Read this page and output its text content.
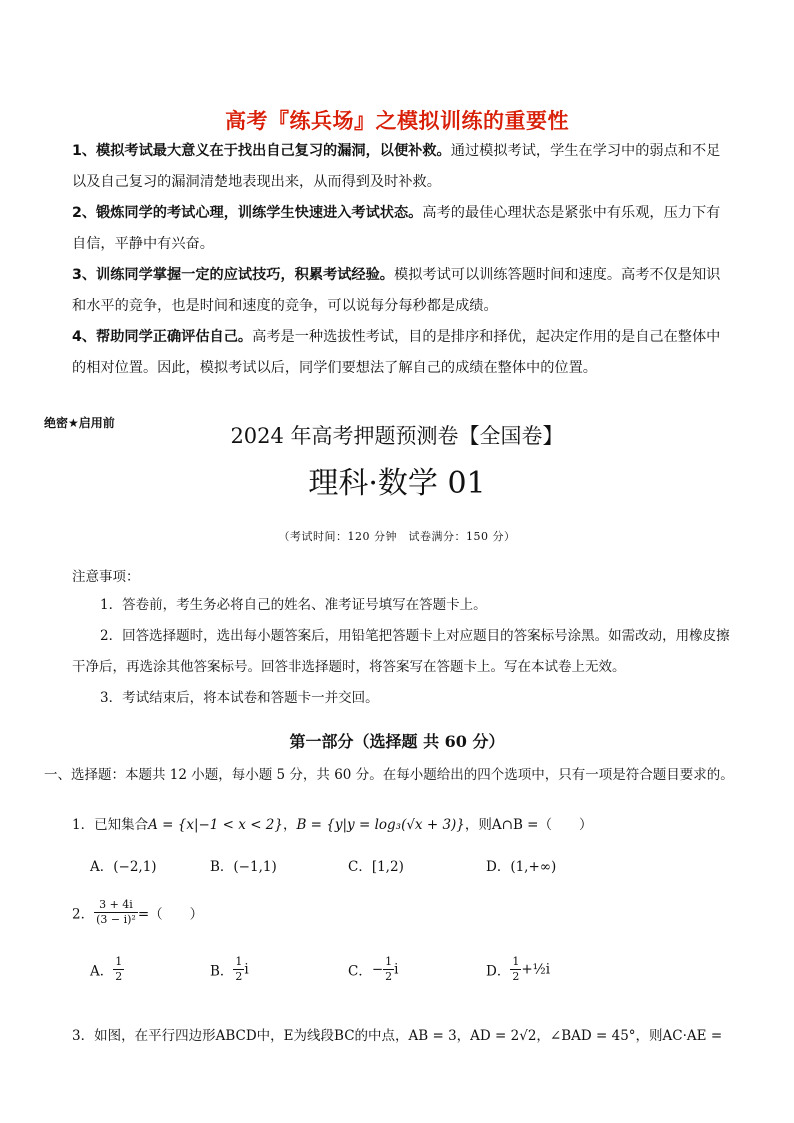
高考『练兵场』之模拟训练的重要性

1、模拟考试最大意义在于找出自己复习的漏洞，以便补救。通过模拟考试，学生在学习中的弱点和不足以及自己复习的漏洞清楚地表现出来，从而得到及时补救。

2、锻炼同学的考试心理，训练学生快速进入考试状态。高考的最佳心理状态是紧张中有乐观，压力下有自信，平静中有兴奋。

3、训练同学掌握一定的应试技巧，积累考试经验。模拟考试可以训练答题时间和速度。高考不仅是知识和水平的竞争，也是时间和速度的竞争，可以说每分每秒都是成绩。

4、帮助同学正确评估自己。高考是一种选拔性考试，目的是排序和择优，起决定作用的是自己在整体中的相对位置。因此，模拟考试以后，同学们要想法了解自己的成绩在整体中的位置。

绝密★启用前
2024 年高考押题预测卷【全国卷】
理科·数学 01
（考试时间：120 分钟　试卷满分：150 分）
注意事项：

1．答卷前，考生务必将自己的姓名、准考证号填写在答题卡上。

2．回答选择题时，选出每小题答案后，用铅笔把答题卡上对应题目的答案标号涂黑。如需改动，用橡皮擦干净后，再选涂其他答案标号。回答非选择题时，将答案写在答题卡上。写在本试卷上无效。

3．考试结束后，将本试卷和答题卡一并交回。

第一部分（选择题 共 60 分）
一、选择题：本题共 12 小题，每小题 5 分，共 60 分。在每小题给出的四个选项中，只有一项是符合题目要求的。
1．已知集合A = {x|−1 < x < 2}，B = {y|y = log₃(√x + 3)}，则A∩B =（　　）
A．(−2,1)	B．(−1,1)	C．[1,2)	D．(1,+∞)
2． $\frac{3 + 4i}{\text{(3 − i)²}}$ =（　　）
A． $\frac{1}{2}$	B． $\frac{1}{2}$ i	C．− $\frac{1}{2}$ i	D． $\frac{1}{2}$ +½i
3．如图，在平行四边形ABCD中，E为线段BC的中点，AB = 3，AD = 2√2，∠BAD = 45°，则AC·AE =
